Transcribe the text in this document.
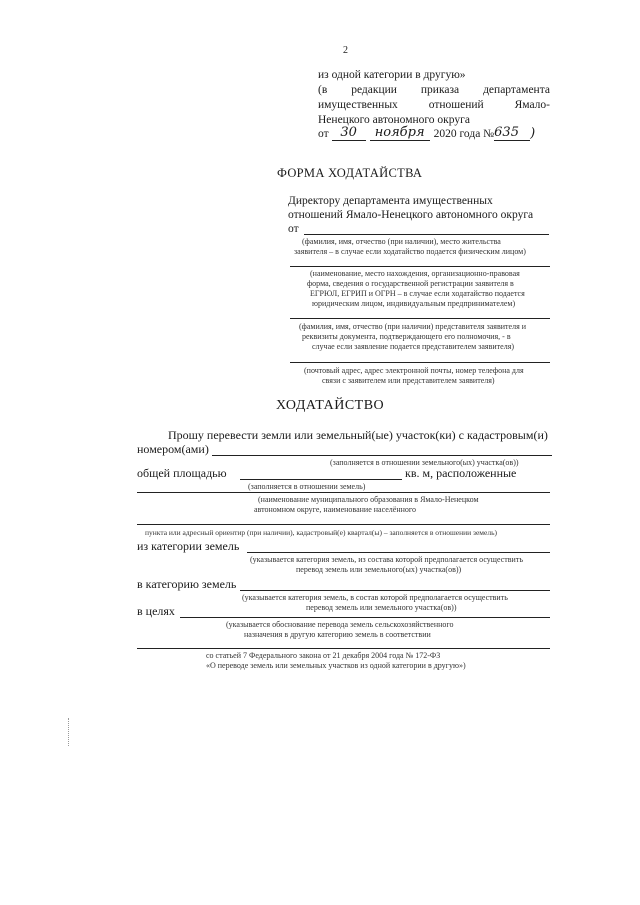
2
из одной категории в другую»
(в редакции приказа департамента
имущественных	отношений	Ямало-
Ненецкого автономного округа
от 30	ноября 2020 года № 635 )
ФОРМА ХОДАТАЙСТВА
Директору департамента имущественных
отношений Ямало-Ненецкого автономного округа
от
(фамилия, имя, отчество (при наличии), место жительства
заявителя – в случае если ходатайство подается физическим лицом)
(наименование, место нахождения, организационно-правовая
форма, сведения о государственной регистрации заявителя в
ЕГРЮЛ, ЕГРИП и ОГРН – в случае если ходатайство подается
юридическим лицом, индивидуальным предпринимателем)
(фамилия, имя, отчество (при наличии) представителя заявителя и
реквизиты документа, подтверждающего его полномочия, - в
случае если заявление подается представителем заявителя)
(почтовый адрес, адрес электронной почты, номер телефона для
связи с заявителем или представителем заявителя)
ХОДАТАЙСТВО
Прошу перевести земли или земельный(ые) участок(ки) с кадастровым(и)
номером(ами)
(заполняется в отношении земельного(ых) участка(ов))
общей площадью	кв. м, расположенные
(заполняется в отношении земель)
(наименование муниципального образования в Ямало-Ненецком
автономном округе, наименование населённого
пункта или адресный ориентир (при наличии), кадастровый(е) квартал(ы) – заполняется в отношении земель)
из категории земель
(указывается категория земель, из состава которой предполагается осуществить
перевод земель или земельного(ых) участка(ов))
в категорию земель
(указывается категория земель, в состав которой предполагается осуществить
перевод земель или земельного участка(ов))
в целях
(указывается обоснование перевода земель сельскохозяйственного
назначения в другую категорию земель в соответствии
со статьей 7 Федерального закона от 21 декабря 2004 года № 172-ФЗ
«О переводе земель или земельных участков из одной категории в другую»)
